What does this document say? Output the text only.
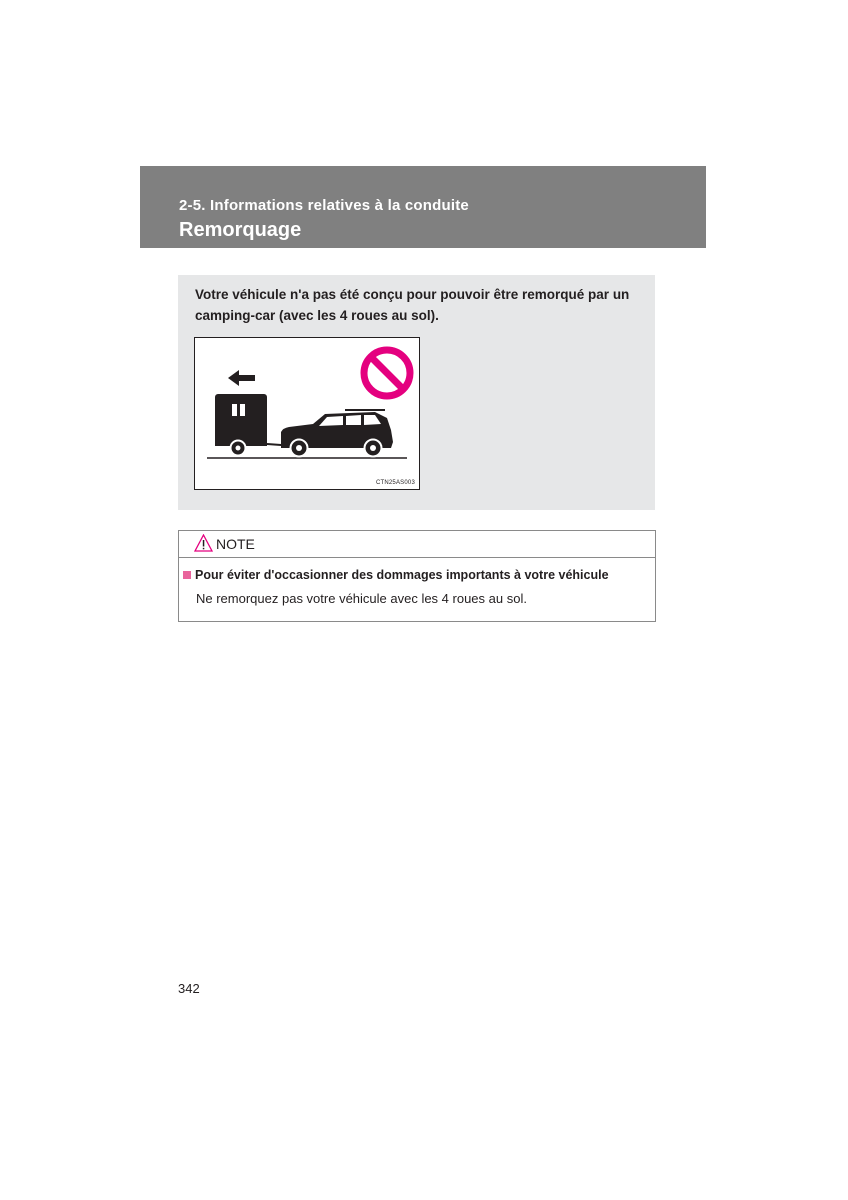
2-5. Informations relatives à la conduite
Remorquage
Votre véhicule n'a pas été conçu pour pouvoir être remorqué par un camping-car (avec les 4 roues au sol).
CTN25AS003
NOTE
Pour éviter d'occasionner des dommages importants à votre véhicule
Ne remorquez pas votre véhicule avec les 4 roues au sol.
342
